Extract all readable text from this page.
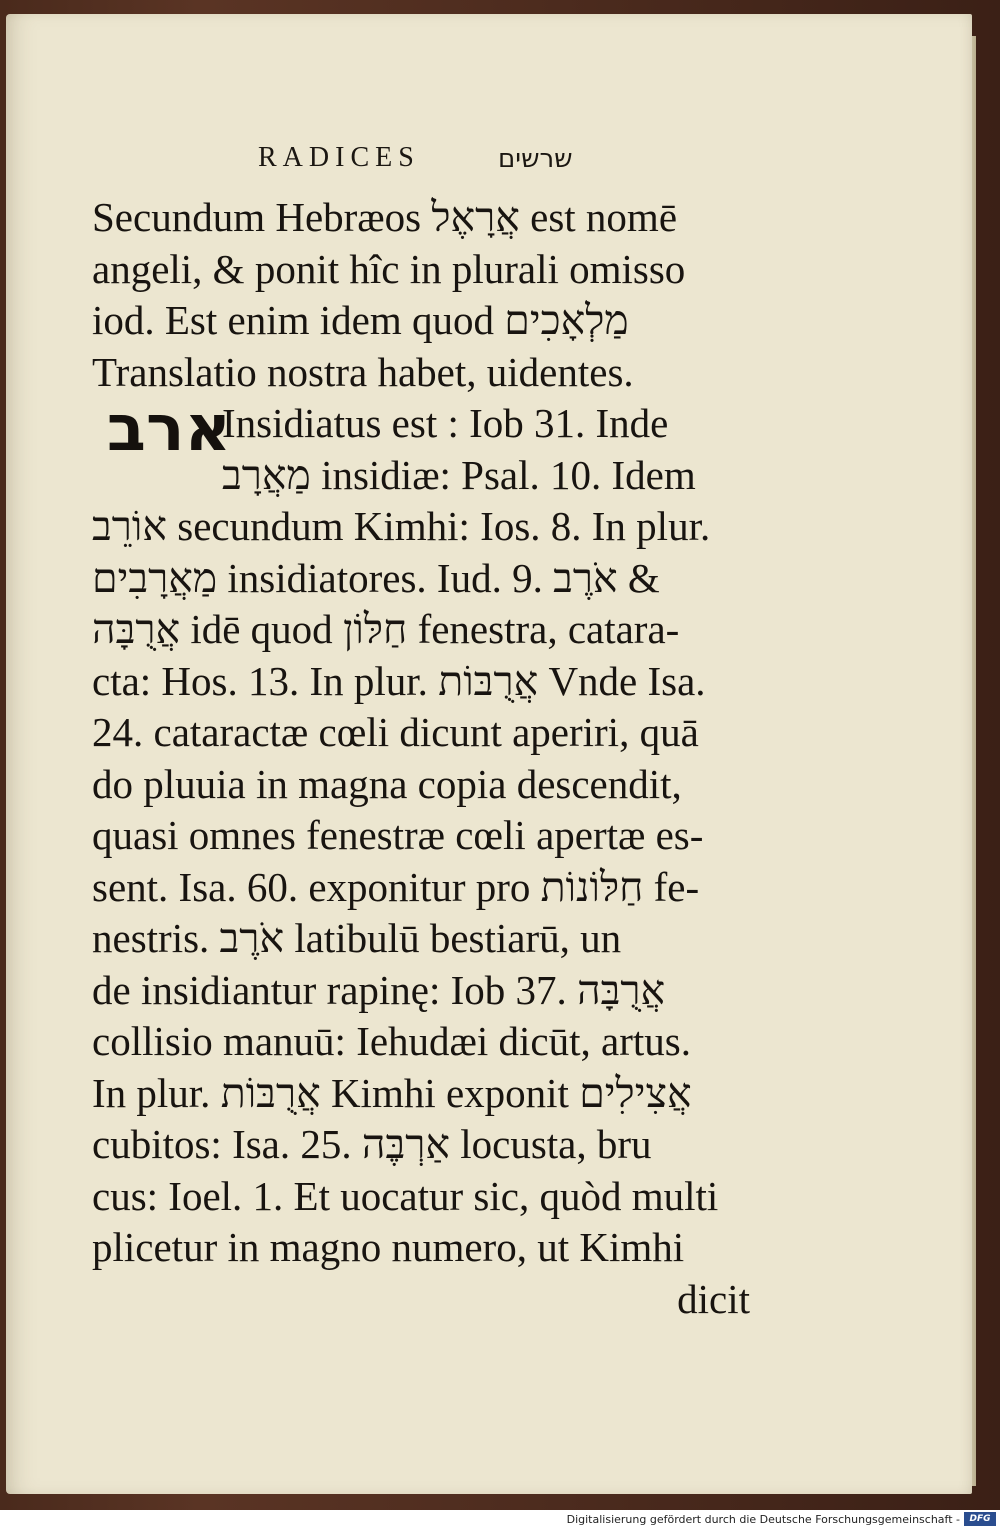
RADICES	שרשים
ארב
Secundum Hebræos אֲרָאֶל est nomē
angeli, & ponit hîc in plurali omisso
iod. Est enim idem quod מַלְאָכִים
Translatio nostra habet, uidentes.
Insidiatus est : Iob 31. Inde
מַאֲרָב insidiæ: Psal. 10. Idem
אוֹרֵב secundum Kimhi: Ios. 8. In plur.
מַאֲרָבִים insidiatores. Iud. 9. אֹרֶב &
אֲרֻבָּה idē quod חַלּוֹן fenestra, catara-
cta: Hos. 13. In plur. אֲרֻבּוֹת Vnde Isa.
24. cataractæ cœli dicunt aperiri, quā
do pluuia in magna copia descendit,
quasi omnes fenestræ cœli apertæ es-
sent. Isa. 60. exponitur pro חַלּוֹנוֹת fe-
nestris. אֹרֶב latibulū bestiarū, un
de insidiantur rapinę: Iob 37. אֲרֻבָּה
collisio manuū: Iehudæi dicūt, artus.
In plur. אֲרֻבּוֹת Kimhi exponit אֲצִילִים
cubitos: Isa. 25. אַרְבֶּה locusta, bru
cus: Ioel. 1. Et uocatur sic, quòd multi
plicetur in magno numero, ut Kimhi
dicit
Digitalisierung gefördert durch die Deutsche Forschungsgemeinschaft -	DFG
